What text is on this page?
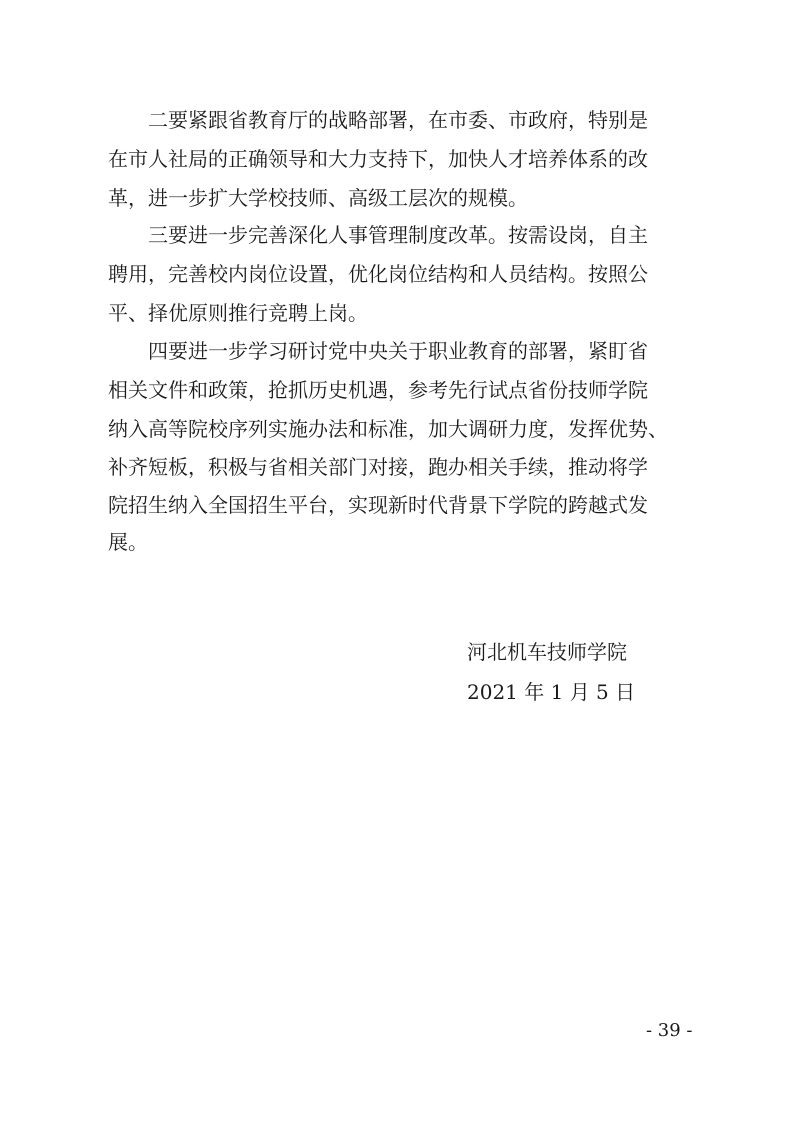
二要紧跟省教育厅的战略部署，在市委、市政府，特别是
在市人社局的正确领导和大力支持下，加快人才培养体系的改
革，进一步扩大学校技师、高级工层次的规模。
三要进一步完善深化人事管理制度改革。按需设岗，自主
聘用，完善校内岗位设置，优化岗位结构和人员结构。按照公
平、择优原则推行竞聘上岗。
四要进一步学习研讨党中央关于职业教育的部署，紧盯省
相关文件和政策，抢抓历史机遇，参考先行试点省份技师学院
纳入高等院校序列实施办法和标准，加大调研力度，发挥优势、
补齐短板，积极与省相关部门对接，跑办相关手续，推动将学
院招生纳入全国招生平台，实现新时代背景下学院的跨越式发
展。
河北机车技师学院
2021 年 1 月 5 日
- 39 -
